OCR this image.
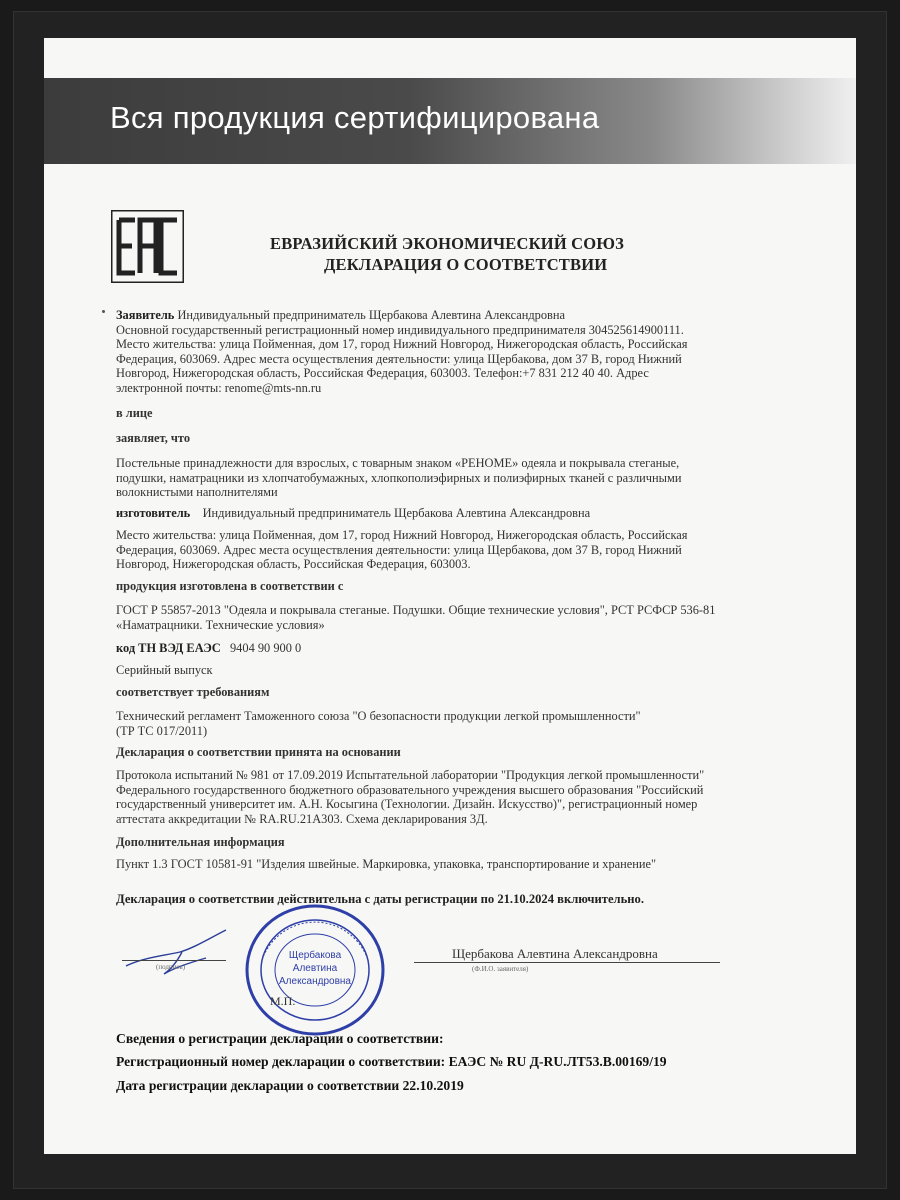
Вся продукция сертифицирована
ЕВРАЗИЙСКИЙ ЭКОНОМИЧЕСКИЙ СОЮЗ
ДЕКЛАРАЦИЯ О СООТВЕТСТВИИ
Заявитель Индивидуальный предприниматель Щербакова Алевтина Александровна
Основной государственный регистрационный номер индивидуального предпринимателя 304525614900111.
Место жительства: улица Пойменная, дом 17, город Нижний Новгород, Нижегородская область, Российская
Федерация, 603069. Адрес места осуществления деятельности: улица Щербакова, дом 37 В, город Нижний
Новгород, Нижегородская область, Российская Федерация, 603003. Телефон:+7 831 212 40 40. Адрес
электронной почты: renome@mts-nn.ru
в лице
заявляет, что
Постельные принадлежности для взрослых, с товарным знаком «PEHOME» одеяла и покрывала стеганые,
подушки, наматрацники из хлопчатобумажных, хлопкополиэфирных и полиэфирных тканей с различными
волокнистыми наполнителями
изготовитель Индивидуальный предприниматель Щербакова Алевтина Александровна
Место жительства: улица Пойменная, дом 17, город Нижний Новгород, Нижегородская область, Российская
Федерация, 603069. Адрес места осуществления деятельности: улица Щербакова, дом 37 В, город Нижний
Новгород, Нижегородская область, Российская Федерация, 603003.
продукция изготовлена в соответствии с
ГОСТ Р 55857-2013 "Одеяла и покрывала стеганые. Подушки. Общие технические условия", РСТ РСФСР 536-81
«Наматрацники. Технические условия»
код ТН ВЭД ЕАЭС 9404 90 900 0
Серийный выпуск
соответствует требованиям
Технический регламент Таможенного союза "О безопасности продукции легкой промышленности"
(ТР ТС 017/2011)
Декларация о соответствии принята на основании
Протокола испытаний № 981 от 17.09.2019 Испытательной лаборатории "Продукция легкой промышленности"
Федерального государственного бюджетного образовательного учреждения высшего образования "Российский
государственный университет им. А.Н. Косыгина (Технологии. Дизайн. Искусство)", регистрационный номер
аттестата аккредитации № RA.RU.21А303. Схема декларирования 3Д.
Дополнительная информация
Пункт 1.3 ГОСТ 10581-91 "Изделия швейные. Маркировка, упаковка, транспортирование и хранение"
Декларация о соответствии действительна с даты регистрации по 21.10.2024 включительно.
(подпись)
Щербакова
Алевтина
Александровна
М.П.
Щербакова Алевтина Александровна
(Ф.И.О. заявителя)
Сведения о регистрации декларации о соответствии:
Регистрационный номер декларации о соответствии: ЕАЭС № RU Д-RU.ЛТ53.В.00169/19
Дата регистрации декларации о соответствии 22.10.2019
